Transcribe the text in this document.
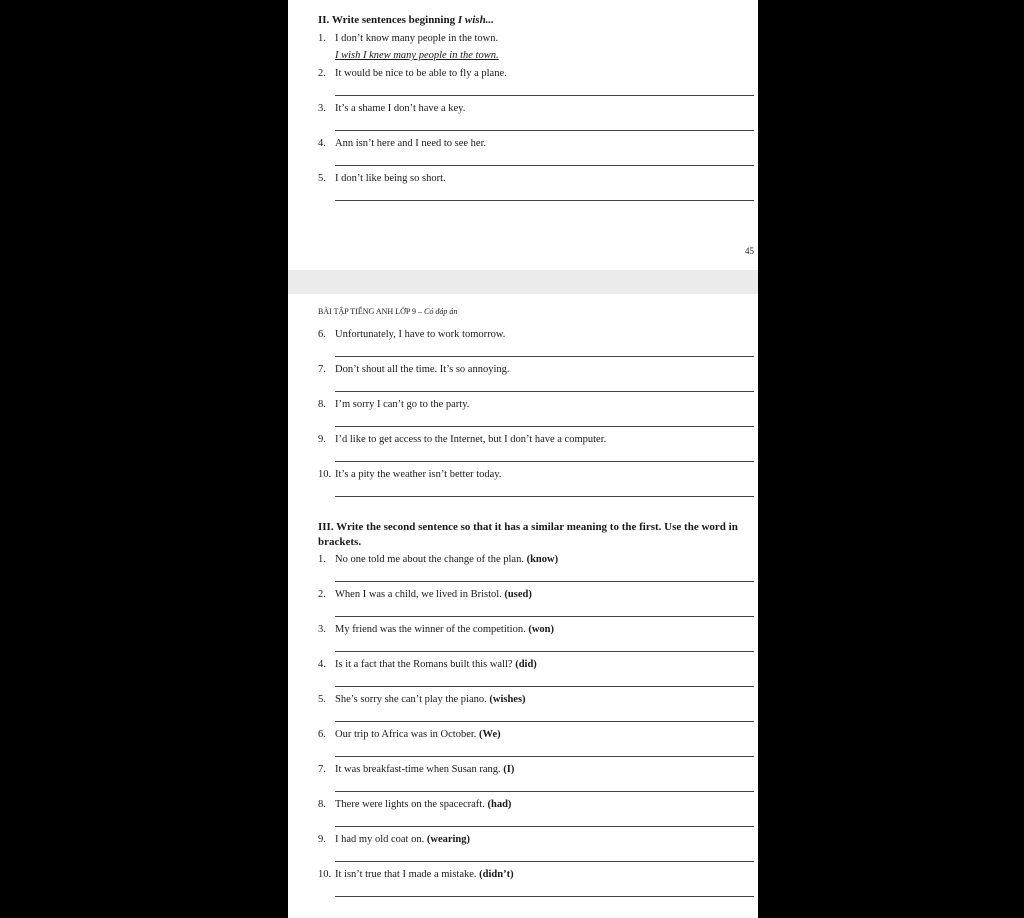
II. Write sentences beginning I wish...
1. I don’t know many people in the town.
I wish I knew many people in the town.
2. It would be nice to be able to fly a plane.
3. It’s a shame I don’t have a key.
4. Ann isn’t here and I need to see her.
5. I don’t like being so short.
45
BÀI TẬP TIẾNG ANH LỚP 9 – Có đáp án
6. Unfortunately, I have to work tomorrow.
7. Don’t shout all the time. It’s so annoying.
8. I’m sorry I can’t go to the party.
9. I’d like to get access to the Internet, but I don’t have a computer.
10. It’s a pity the weather isn’t better today.
III. Write the second sentence so that it has a similar meaning to the first. Use the word in brackets.
1. No one told me about the change of the plan. (know)
2. When I was a child, we lived in Bristol. (used)
3. My friend was the winner of the competition. (won)
4. Is it a fact that the Romans built this wall? (did)
5. She’s sorry she can’t play the piano. (wishes)
6. Our trip to Africa was in October. (We)
7. It was breakfast-time when Susan rang. (I)
8. There were lights on the spacecraft. (had)
9. I had my old coat on. (wearing)
10. It isn’t true that I made a mistake. (didn’t)
